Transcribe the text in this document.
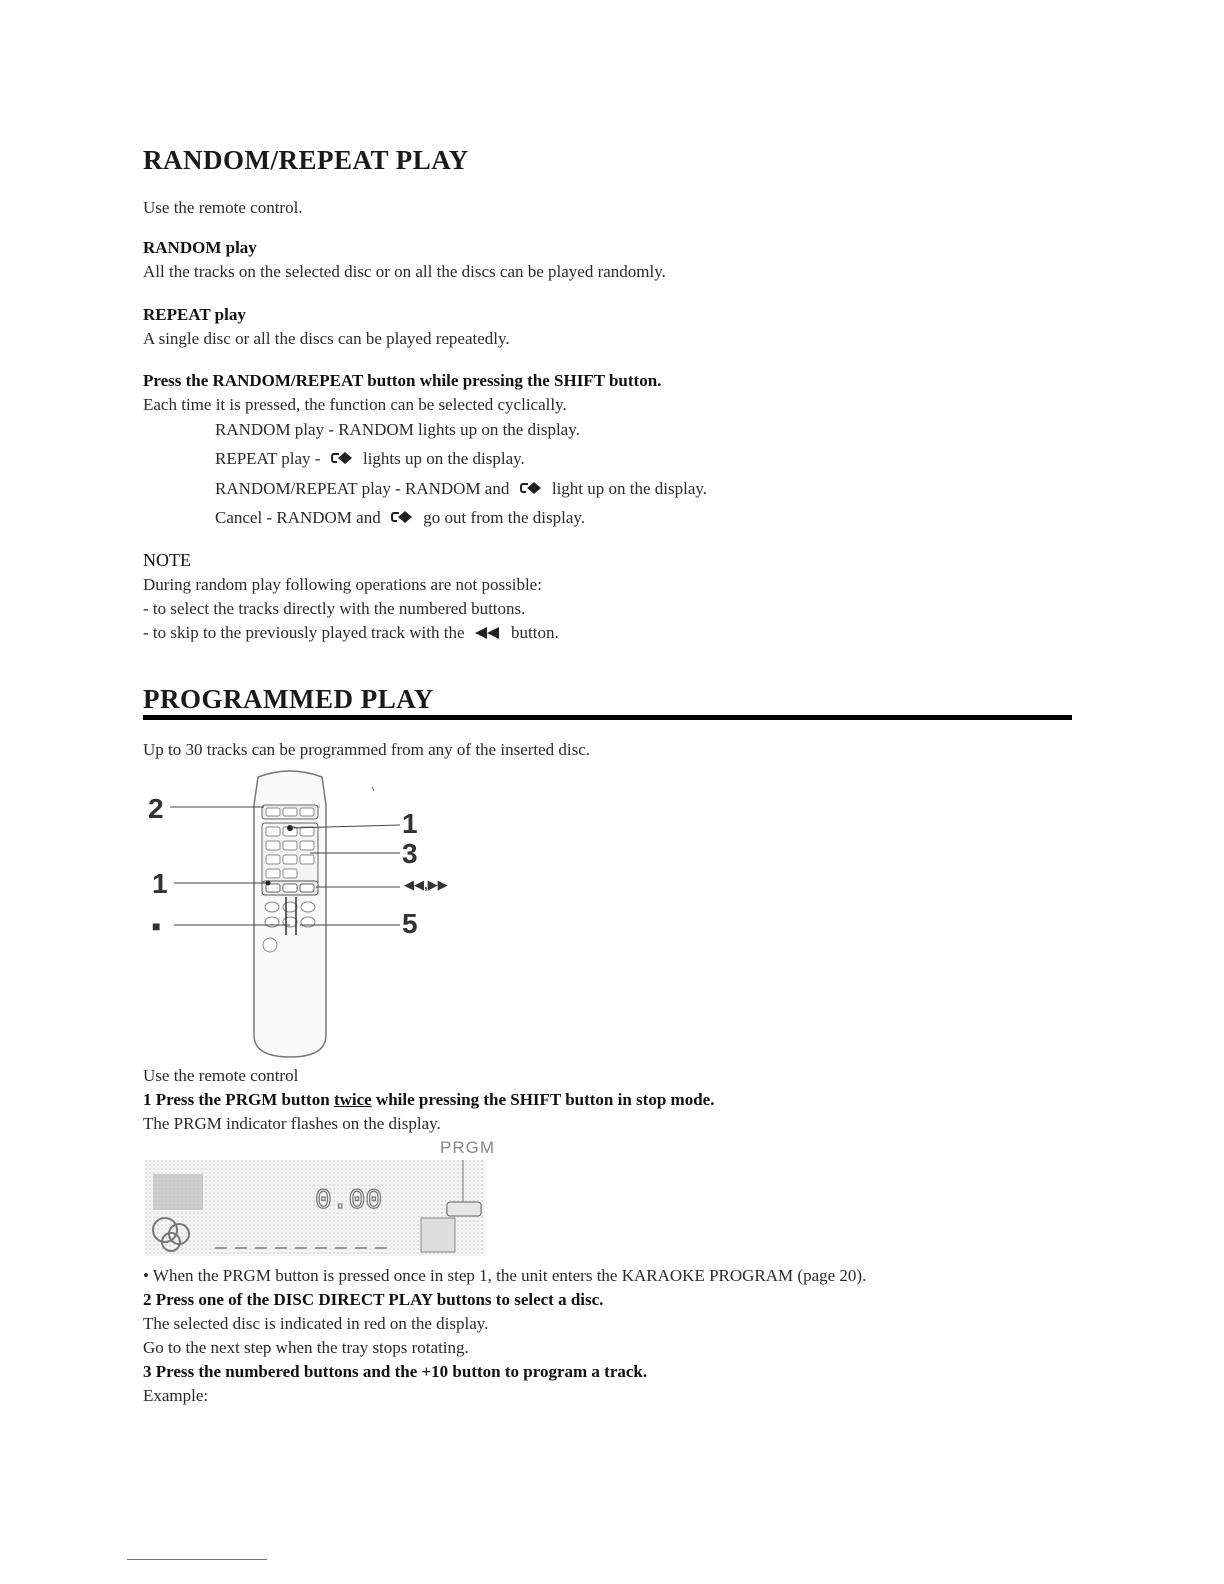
RANDOM/REPEAT PLAY
Use the remote control.
RANDOM play
All the tracks on the selected disc or on all the discs can be played randomly.
REPEAT play
A single disc or all the discs can be played repeatedly.
Press the RANDOM/REPEAT button while pressing the SHIFT button.
Each time it is pressed, the function can be selected cyclically.
RANDOM play - RANDOM lights up on the display.
REPEAT play -	lights up on the display.
RANDOM/REPEAT play - RANDOM and	light up on the display.
Cancel - RANDOM and	go out from the display.
NOTE
During random play following operations are not possible:
- to select the tracks directly with the numbered buttons.
- to skip to the previously played track with the	button.
PROGRAMMED PLAY
Up to 30 tracks can be programmed from any of the inserted disc.
2
1
■
1
3
◀◀,▶▶
5
Use the remote control
1 Press the PRGM button twice while pressing the SHIFT button in stop mode.
The PRGM indicator flashes on the display.
PRGM
0.00
• When the PRGM button is pressed once in step 1, the unit enters the KARAOKE PROGRAM (page 20).
2 Press one of the DISC DIRECT PLAY buttons to select a disc.
The selected disc is indicated in red on the display.
Go to the next step when the tray stops rotating.
3 Press the numbered buttons and the +10 button to program a track.
Example:
